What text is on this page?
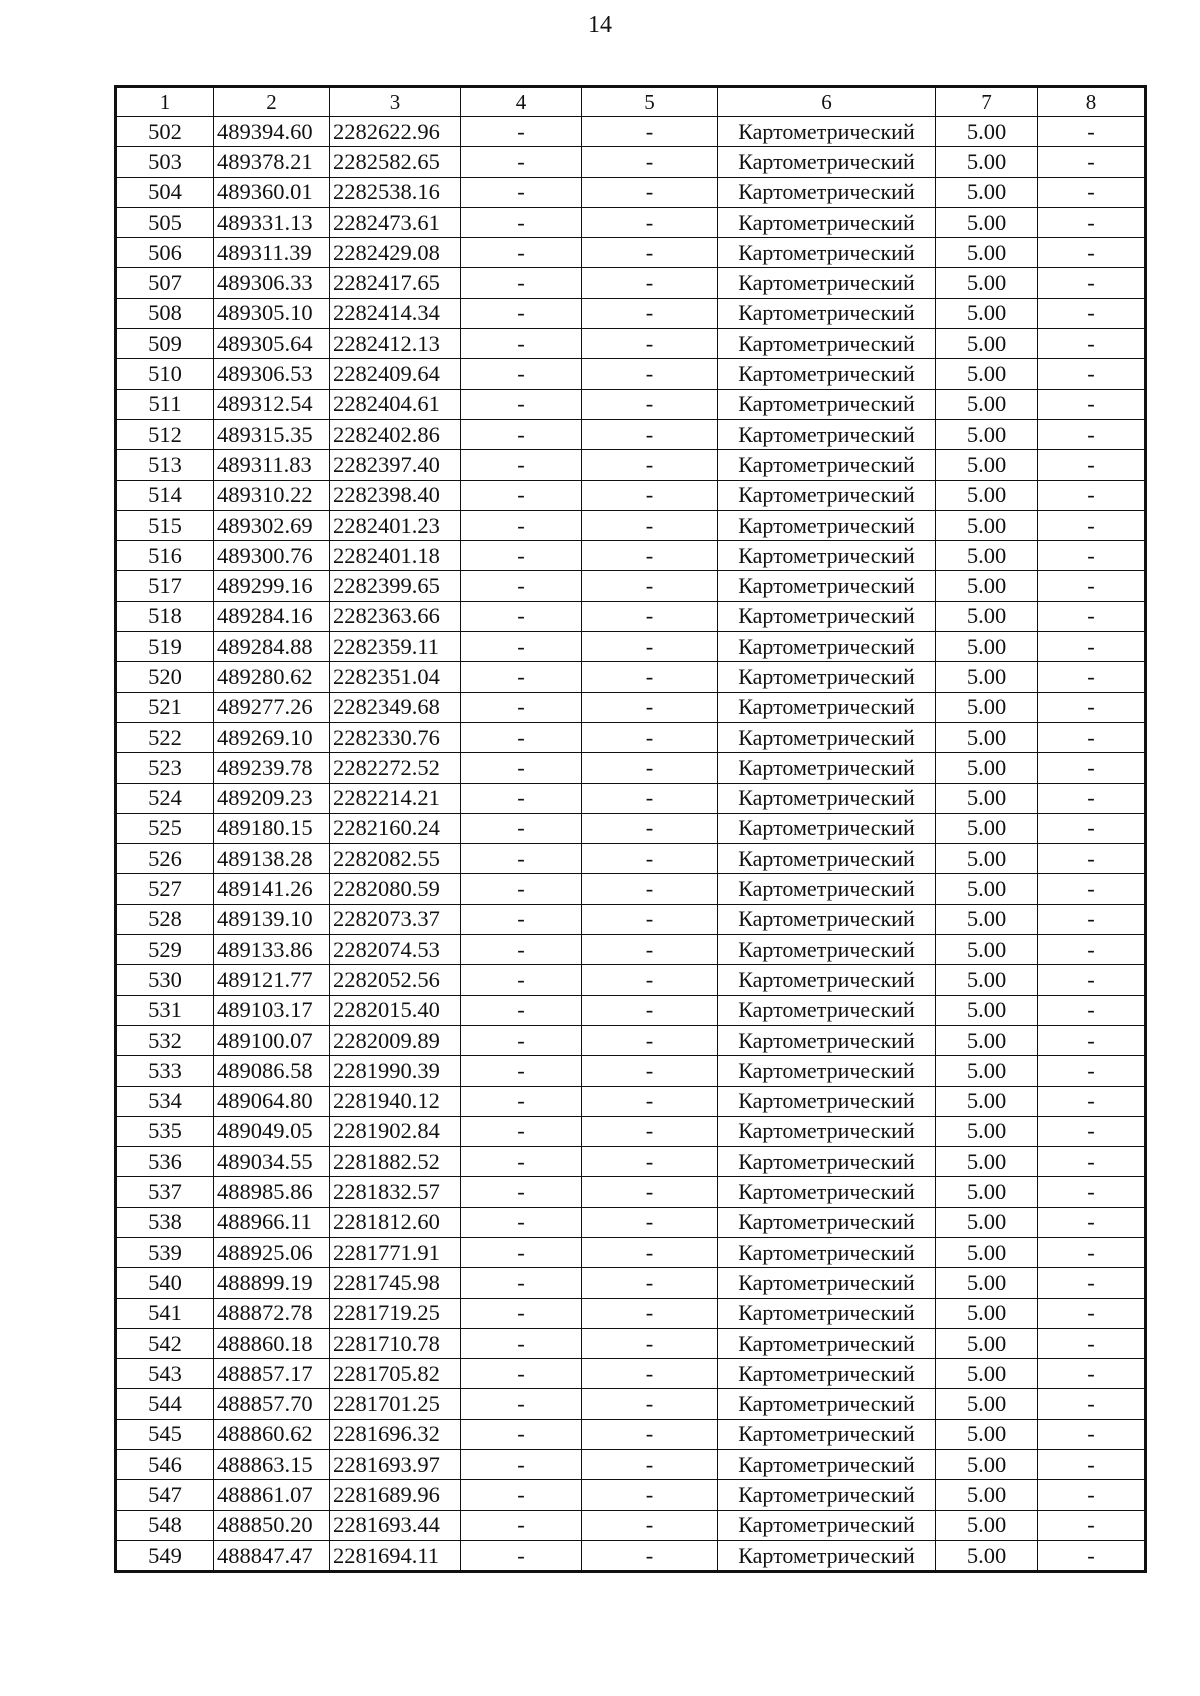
14
1	2	3	4	5	6	7	8
502	489394.60	2282622.96	-	-	Картометрический	5.00	-
503	489378.21	2282582.65	-	-	Картометрический	5.00	-
504	489360.01	2282538.16	-	-	Картометрический	5.00	-
505	489331.13	2282473.61	-	-	Картометрический	5.00	-
506	489311.39	2282429.08	-	-	Картометрический	5.00	-
507	489306.33	2282417.65	-	-	Картометрический	5.00	-
508	489305.10	2282414.34	-	-	Картометрический	5.00	-
509	489305.64	2282412.13	-	-	Картометрический	5.00	-
510	489306.53	2282409.64	-	-	Картометрический	5.00	-
511	489312.54	2282404.61	-	-	Картометрический	5.00	-
512	489315.35	2282402.86	-	-	Картометрический	5.00	-
513	489311.83	2282397.40	-	-	Картометрический	5.00	-
514	489310.22	2282398.40	-	-	Картометрический	5.00	-
515	489302.69	2282401.23	-	-	Картометрический	5.00	-
516	489300.76	2282401.18	-	-	Картометрический	5.00	-
517	489299.16	2282399.65	-	-	Картометрический	5.00	-
518	489284.16	2282363.66	-	-	Картометрический	5.00	-
519	489284.88	2282359.11	-	-	Картометрический	5.00	-
520	489280.62	2282351.04	-	-	Картометрический	5.00	-
521	489277.26	2282349.68	-	-	Картометрический	5.00	-
522	489269.10	2282330.76	-	-	Картометрический	5.00	-
523	489239.78	2282272.52	-	-	Картометрический	5.00	-
524	489209.23	2282214.21	-	-	Картометрический	5.00	-
525	489180.15	2282160.24	-	-	Картометрический	5.00	-
526	489138.28	2282082.55	-	-	Картометрический	5.00	-
527	489141.26	2282080.59	-	-	Картометрический	5.00	-
528	489139.10	2282073.37	-	-	Картометрический	5.00	-
529	489133.86	2282074.53	-	-	Картометрический	5.00	-
530	489121.77	2282052.56	-	-	Картометрический	5.00	-
531	489103.17	2282015.40	-	-	Картометрический	5.00	-
532	489100.07	2282009.89	-	-	Картометрический	5.00	-
533	489086.58	2281990.39	-	-	Картометрический	5.00	-
534	489064.80	2281940.12	-	-	Картометрический	5.00	-
535	489049.05	2281902.84	-	-	Картометрический	5.00	-
536	489034.55	2281882.52	-	-	Картометрический	5.00	-
537	488985.86	2281832.57	-	-	Картометрический	5.00	-
538	488966.11	2281812.60	-	-	Картометрический	5.00	-
539	488925.06	2281771.91	-	-	Картометрический	5.00	-
540	488899.19	2281745.98	-	-	Картометрический	5.00	-
541	488872.78	2281719.25	-	-	Картометрический	5.00	-
542	488860.18	2281710.78	-	-	Картометрический	5.00	-
543	488857.17	2281705.82	-	-	Картометрический	5.00	-
544	488857.70	2281701.25	-	-	Картометрический	5.00	-
545	488860.62	2281696.32	-	-	Картометрический	5.00	-
546	488863.15	2281693.97	-	-	Картометрический	5.00	-
547	488861.07	2281689.96	-	-	Картометрический	5.00	-
548	488850.20	2281693.44	-	-	Картометрический	5.00	-
549	488847.47	2281694.11	-	-	Картометрический	5.00	-
